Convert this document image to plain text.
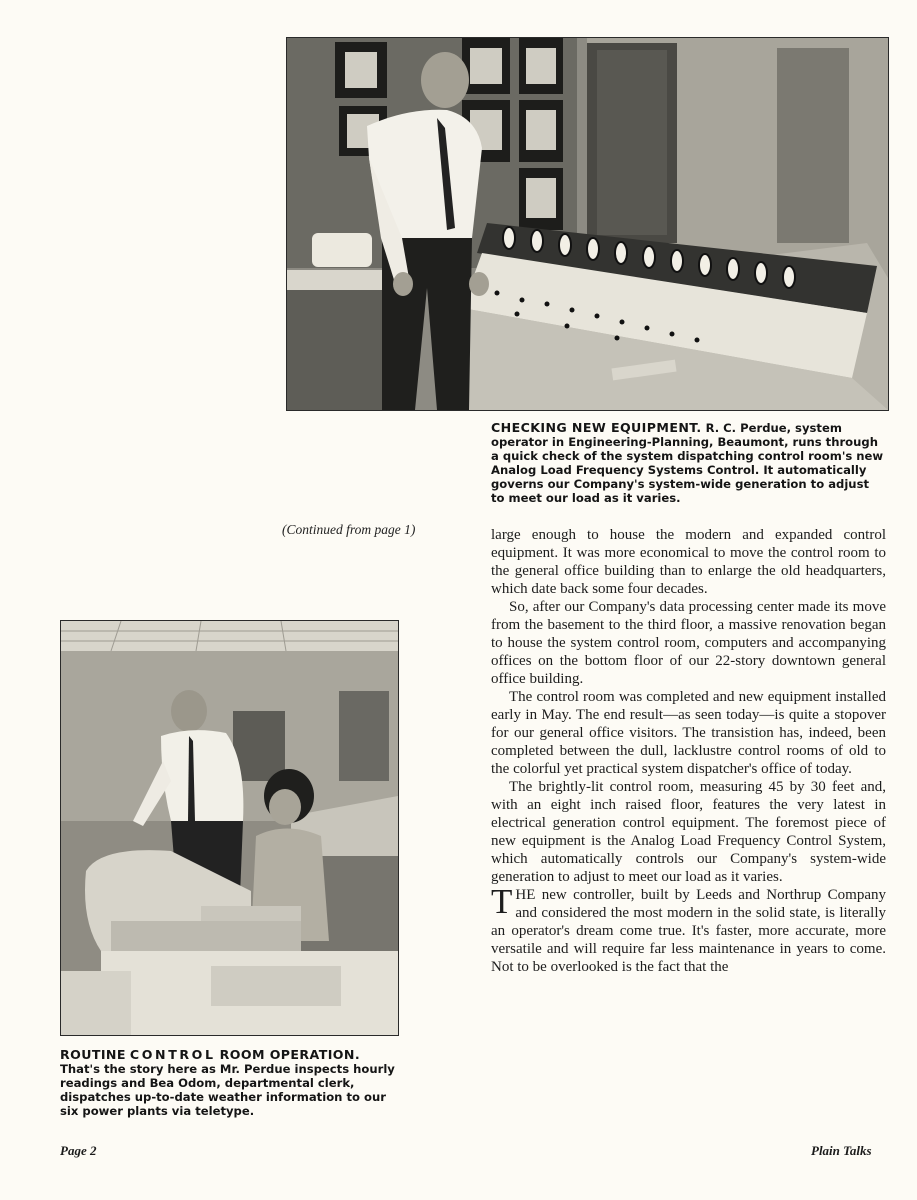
CHECKING NEW EQUIPMENT. R. C. Perdue, system operator in Engineering-Planning, Beaumont, runs through a quick check of the system dispatching control room's new Analog Load Frequency Systems Control. It automatically governs our Company's system-wide generation to adjust to meet our load as it varies.

(Continued from page 1)	large enough to house the modern and expanded control equipment. It was more economical to move the control room to the general office building than to enlarge the old headquarters, which date back some four decades.

So, after our Company's data processing center made its move from the basement to the third floor, a massive renovation began to house the system control room, computers and accompanying offices on the bottom floor of our 22-story downtown general office building.

The control room was completed and new equipment installed early in May. The end result—as seen today—is quite a stopover for our general office visitors. The transistion has, indeed, been completed between the dull, lacklustre control rooms of old to the colorful yet practical system dispatcher's office of today.

The brightly-lit control room, measuring 45 by 30 feet and, with an eight inch raised floor, features the very latest in electrical generation control equipment. The foremost piece of new equipment is the Analog Load Frequency Control System, which automatically controls our Company's system-wide generation to adjust to meet our load as it varies.

THE new controller, built by Leeds and Northrup Company and considered the most modern in the solid state, is literally an operator's dream come true. It's faster, more accurate, more versatile and will require far less maintenance in years to come. Not to be overlooked is the fact that the

ROUTINE CONTROL ROOM OPERATION.
That's the story here as Mr. Perdue inspects hourly readings and Bea Odom, departmental clerk, dispatches up-to-date weather information to our six power plants via teletype.

Page 2	Plain Talks
